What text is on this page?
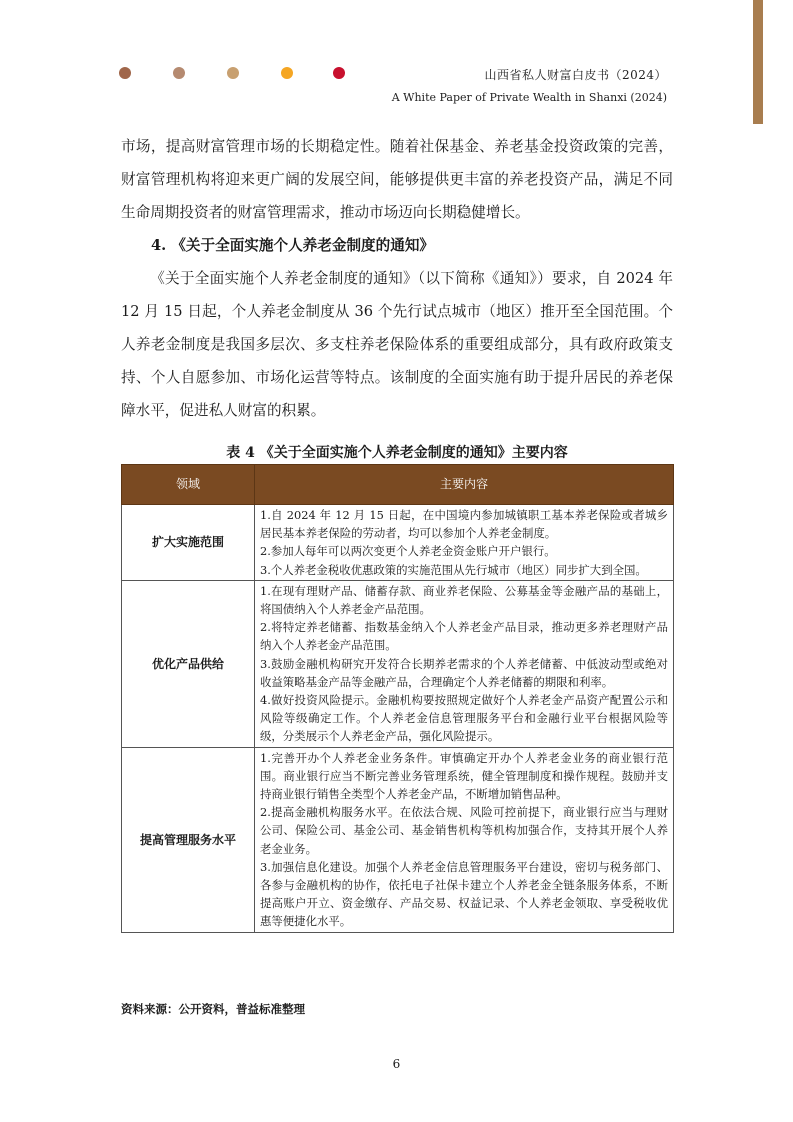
山西省私人财富白皮书（2024）
A White Paper of Private Wealth in Shanxi (2024)

市场，提高财富管理市场的长期稳定性。随着社保基金、养老基金投资政策的完善，财富管理机构将迎来更广阔的发展空间，能够提供更丰富的养老投资产品，满足不同生命周期投资者的财富管理需求，推动市场迈向长期稳健增长。

4. 《关于全面实施个人养老金制度的通知》

《关于全面实施个人养老金制度的通知》（以下简称《通知》）要求，自 2024 年 12 月 15 日起，个人养老金制度从 36 个先行试点城市（地区）推开至全国范围。个人养老金制度是我国多层次、多支柱养老保险体系的重要组成部分，具有政府政策支持、个人自愿参加、市场化运营等特点。该制度的全面实施有助于提升居民的养老保障水平，促进私人财富的积累。

表 4 《关于全面实施个人养老金制度的通知》主要内容
领域	主要内容
扩大实施范围	1.自 2024 年 12 月 15 日起，在中国境内参加城镇职工基本养老保险或者城乡居民基本养老保险的劳动者，均可以参加个人养老金制度。

2.参加人每年可以两次变更个人养老金资金账户开户银行。

3.个人养老金税收优惠政策的实施范围从先行城市（地区）同步扩大到全国。

优化产品供给	1.在现有理财产品、储蓄存款、商业养老保险、公募基金等金融产品的基础上，将国债纳入个人养老金产品范围。

2.将特定养老储蓄、指数基金纳入个人养老金产品目录，推动更多养老理财产品纳入个人养老金产品范围。

3.鼓励金融机构研究开发符合长期养老需求的个人养老储蓄、中低波动型或绝对收益策略基金产品等金融产品，合理确定个人养老储蓄的期限和利率。

4.做好投资风险提示。金融机构要按照规定做好个人养老金产品资产配置公示和风险等级确定工作。个人养老金信息管理服务平台和金融行业平台根据风险等级，分类展示个人养老金产品，强化风险提示。

提高管理服务水平	1.完善开办个人养老金业务条件。审慎确定开办个人养老金业务的商业银行范围。商业银行应当不断完善业务管理系统，健全管理制度和操作规程。鼓励并支持商业银行销售全类型个人养老金产品，不断增加销售品种。

2.提高金融机构服务水平。在依法合规、风险可控前提下，商业银行应当与理财公司、保险公司、基金公司、基金销售机构等机构加强合作，支持其开展个人养老金业务。

3.加强信息化建设。加强个人养老金信息管理服务平台建设，密切与税务部门、各参与金融机构的协作，依托电子社保卡建立个人养老金全链条服务体系，不断提高账户开立、资金缴存、产品交易、权益记录、个人养老金领取、享受税收优惠等便捷化水平。

资料来源：公开资料，普益标准整理
6
